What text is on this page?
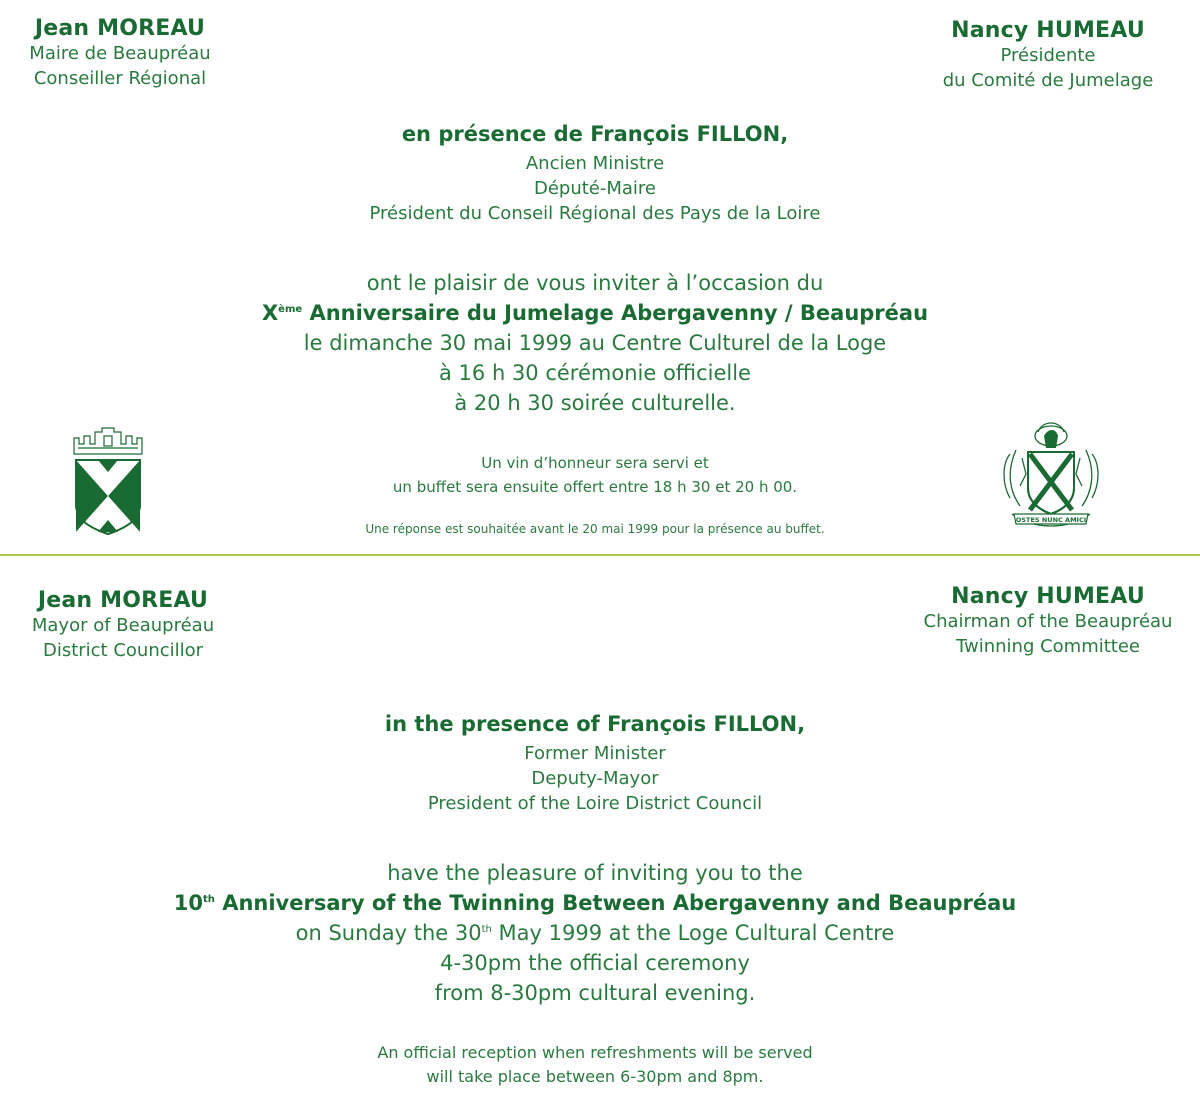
Jean MOREAU
Maire de Beaupréau
Conseiller Régional
Nancy HUMEAU
Présidente
du Comité de Jumelage
en présence de François FILLON,
Ancien Ministre
Député-Maire
Président du Conseil Régional des Pays de la Loire
ont le plaisir de vous inviter à l’occasion du
Xème Anniversaire du Jumelage Abergavenny / Beaupréau
le dimanche 30 mai 1999 au Centre Culturel de la Loge
à 16 h 30 cérémonie officielle
à 20 h 30 soirée culturelle.
Un vin d’honneur sera servi et
un buffet sera ensuite offert entre 18 h 30 et 20 h 00.
Une réponse est souhaitée avant le 20 mai 1999 pour la présence au buffet.
OSTES NUNC AMICI
Jean MOREAU
Mayor of Beaupréau
District Councillor
Nancy HUMEAU
Chairman of the Beaupréau
Twinning Committee
in the presence of François FILLON,
Former Minister
Deputy-Mayor
President of the Loire District Council
have the pleasure of inviting you to the
10th Anniversary of the Twinning Between Abergavenny and Beaupréau
on Sunday the 30th May 1999 at the Loge Cultural Centre
4-30pm the official ceremony
from 8-30pm cultural evening.
An official reception when refreshments will be served
will take place between 6-30pm and 8pm.
